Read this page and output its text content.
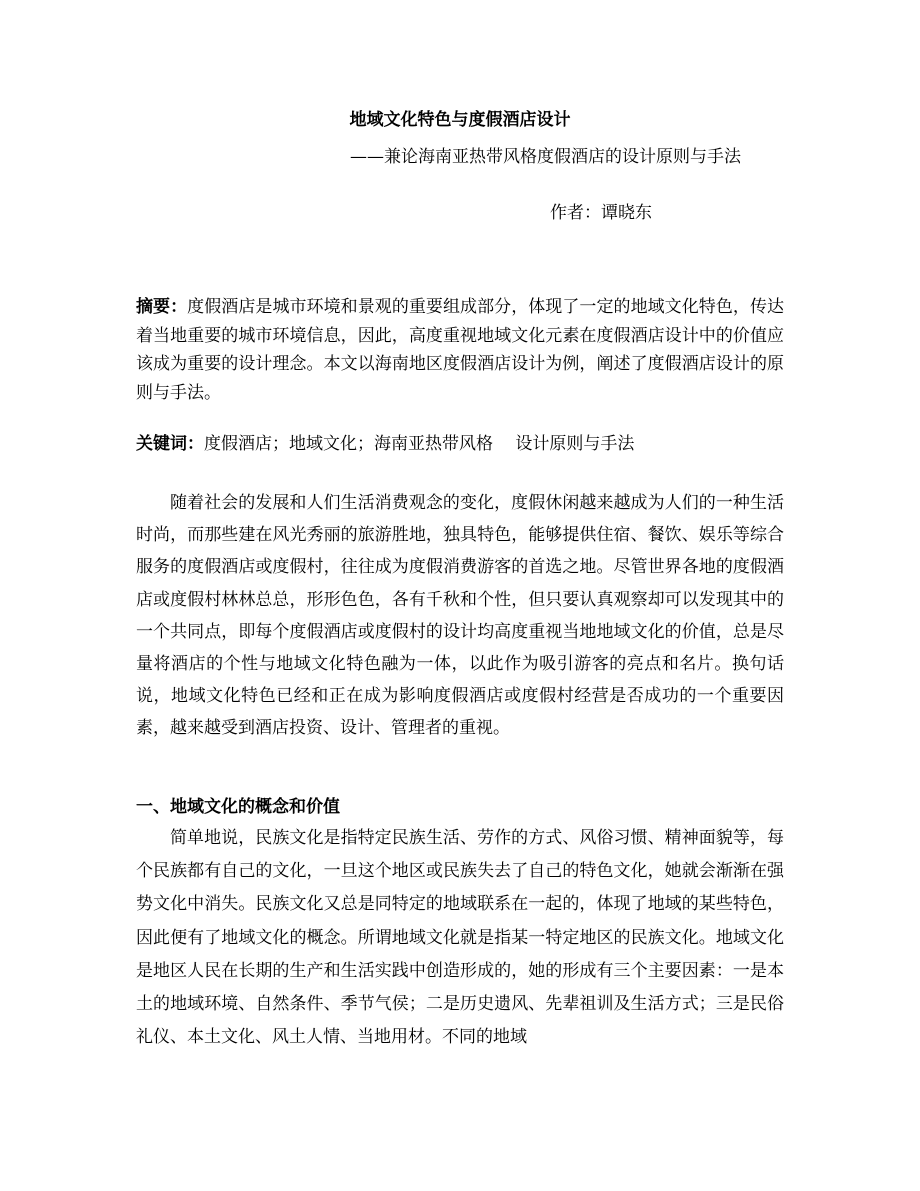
地域文化特色与度假酒店设计
——兼论海南亚热带风格度假酒店的设计原则与手法
作者：谭晓东
摘要：度假酒店是城市环境和景观的重要组成部分，体现了一定的地域文化特色，传达着当地重要的城市环境信息，因此，高度重视地域文化元素在度假酒店设计中的价值应该成为重要的设计理念。本文以海南地区度假酒店设计为例，阐述了度假酒店设计的原则与手法。
关键词：度假酒店；地域文化；海南亚热带风格　 设计原则与手法
随着社会的发展和人们生活消费观念的变化，度假休闲越来越成为人们的一种生活时尚，而那些建在风光秀丽的旅游胜地，独具特色，能够提供住宿、餐饮、娱乐等综合服务的度假酒店或度假村，往往成为度假消费游客的首选之地。尽管世界各地的度假酒店或度假村林林总总，形形色色，各有千秋和个性，但只要认真观察却可以发现其中的一个共同点，即每个度假酒店或度假村的设计均高度重视当地地域文化的价值，总是尽量将酒店的个性与地域文化特色融为一体，以此作为吸引游客的亮点和名片。换句话说，地域文化特色已经和正在成为影响度假酒店或度假村经营是否成功的一个重要因素，越来越受到酒店投资、设计、管理者的重视。
一、地域文化的概念和价值
简单地说，民族文化是指特定民族生活、劳作的方式、风俗习惯、精神面貌等，每个民族都有自己的文化，一旦这个地区或民族失去了自己的特色文化，她就会渐渐在强势文化中消失。民族文化又总是同特定的地域联系在一起的，体现了地域的某些特色，因此便有了地域文化的概念。所谓地域文化就是指某一特定地区的民族文化。地域文化是地区人民在长期的生产和生活实践中创造形成的，她的形成有三个主要因素：一是本土的地域环境、自然条件、季节气侯；二是历史遗风、先辈祖训及生活方式；三是民俗礼仪、本土文化、风土人情、当地用材。不同的地域
